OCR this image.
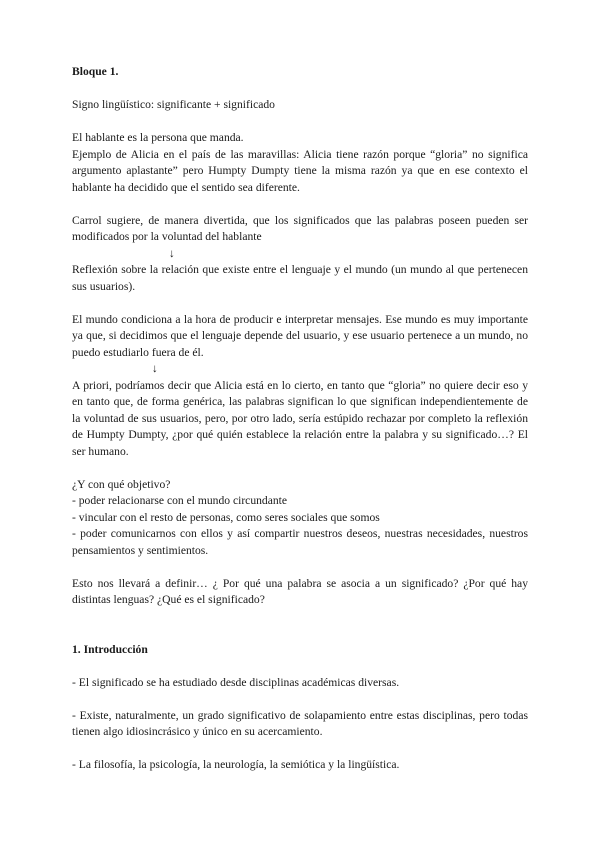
Bloque 1.

Signo lingüístico: significante + significado

El hablante es la persona que manda.

Ejemplo de Alicia en el país de las maravillas: Alicia tiene razón porque “gloria” no significa argumento aplastante” pero Humpty Dumpty tiene la misma razón ya que en ese contexto el hablante ha decidido que el sentido sea diferente.

Carrol sugiere, de manera divertida, que los significados que las palabras poseen pueden ser modificados por la voluntad del hablante

↓

Reflexión sobre la relación que existe entre el lenguaje y el mundo (un mundo al que pertenecen sus usuarios).

El mundo condiciona a la hora de producir e interpretar mensajes. Ese mundo es muy importante ya que, si decidimos que el lenguaje depende del usuario, y ese usuario pertenece a un mundo, no puedo estudiarlo fuera de él.

↓

A priori, podríamos decir que Alicia está en lo cierto, en tanto que “gloria” no quiere decir eso y en tanto que, de forma genérica, las palabras significan lo que significan independientemente de la voluntad de sus usuarios, pero, por otro lado, sería estúpido rechazar por completo la reflexión de Humpty Dumpty, ¿por qué quién establece la relación entre la palabra y su significado…? El ser humano.

¿Y con qué objetivo?

- poder relacionarse con el mundo circundante

- vincular con el resto de personas, como seres sociales que somos

- poder comunicarnos con ellos y así compartir nuestros deseos, nuestras necesidades, nuestros pensamientos y sentimientos.

Esto nos llevará a definir… ¿ Por qué una palabra se asocia a un significado? ¿Por qué hay distintas lenguas? ¿Qué es el significado?

1. Introducción

- El significado se ha estudiado desde disciplinas académicas diversas.

- Existe, naturalmente, un grado significativo de solapamiento entre estas disciplinas, pero todas tienen algo idiosincrásico y único en su acercamiento.

- La filosofía, la psicología, la neurología, la semiótica y la lingüística.
